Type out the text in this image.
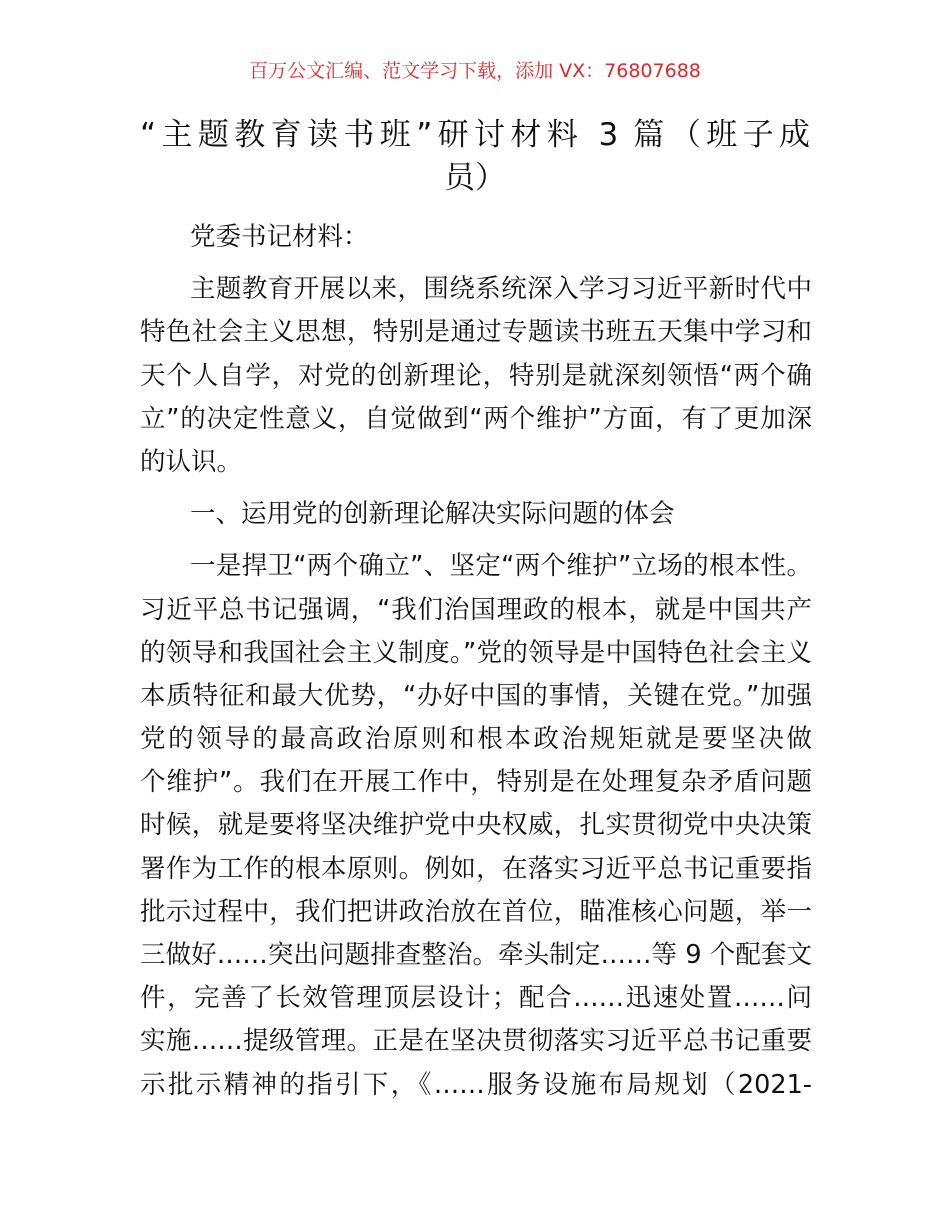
百万公文汇编、范文学习下载，添加 VX：76807688
“主题教育读书班”研讨材料 3 篇（班子成
员）
党委书记材料：
主题教育开展以来，围绕系统深入学习习近平新时代中
特色社会主义思想，特别是通过专题读书班五天集中学习和
天个人自学，对党的创新理论，特别是就深刻领悟“两个确
立”的决定性意义，自觉做到“两个维护”方面，有了更加深
的认识。
一、运用党的创新理论解决实际问题的体会
一是捍卫“两个确立”、坚定“两个维护”立场的根本性。
习近平总书记强调，“我们治国理政的根本，就是中国共产
的领导和我国社会主义制度。”党的领导是中国特色社会主义
本质特征和最大优势，“办好中国的事情，关键在党。”加强
党的领导的最高政治原则和根本政治规矩就是要坚决做
个维护”。我们在开展工作中，特别是在处理复杂矛盾问题
时候，就是要将坚决维护党中央权威，扎实贯彻党中央决策
署作为工作的根本原则。例如，在落实习近平总书记重要指
批示过程中，我们把讲政治放在首位，瞄准核心问题，举一
三做好……突出问题排查整治。牵头制定……等 9 个配套文
件，完善了长效管理顶层设计；配合……迅速处置……问
实施……提级管理。正是在坚决贯彻落实习近平总书记重要
示批示精神的指引下，《……服务设施布局规划（2021-
